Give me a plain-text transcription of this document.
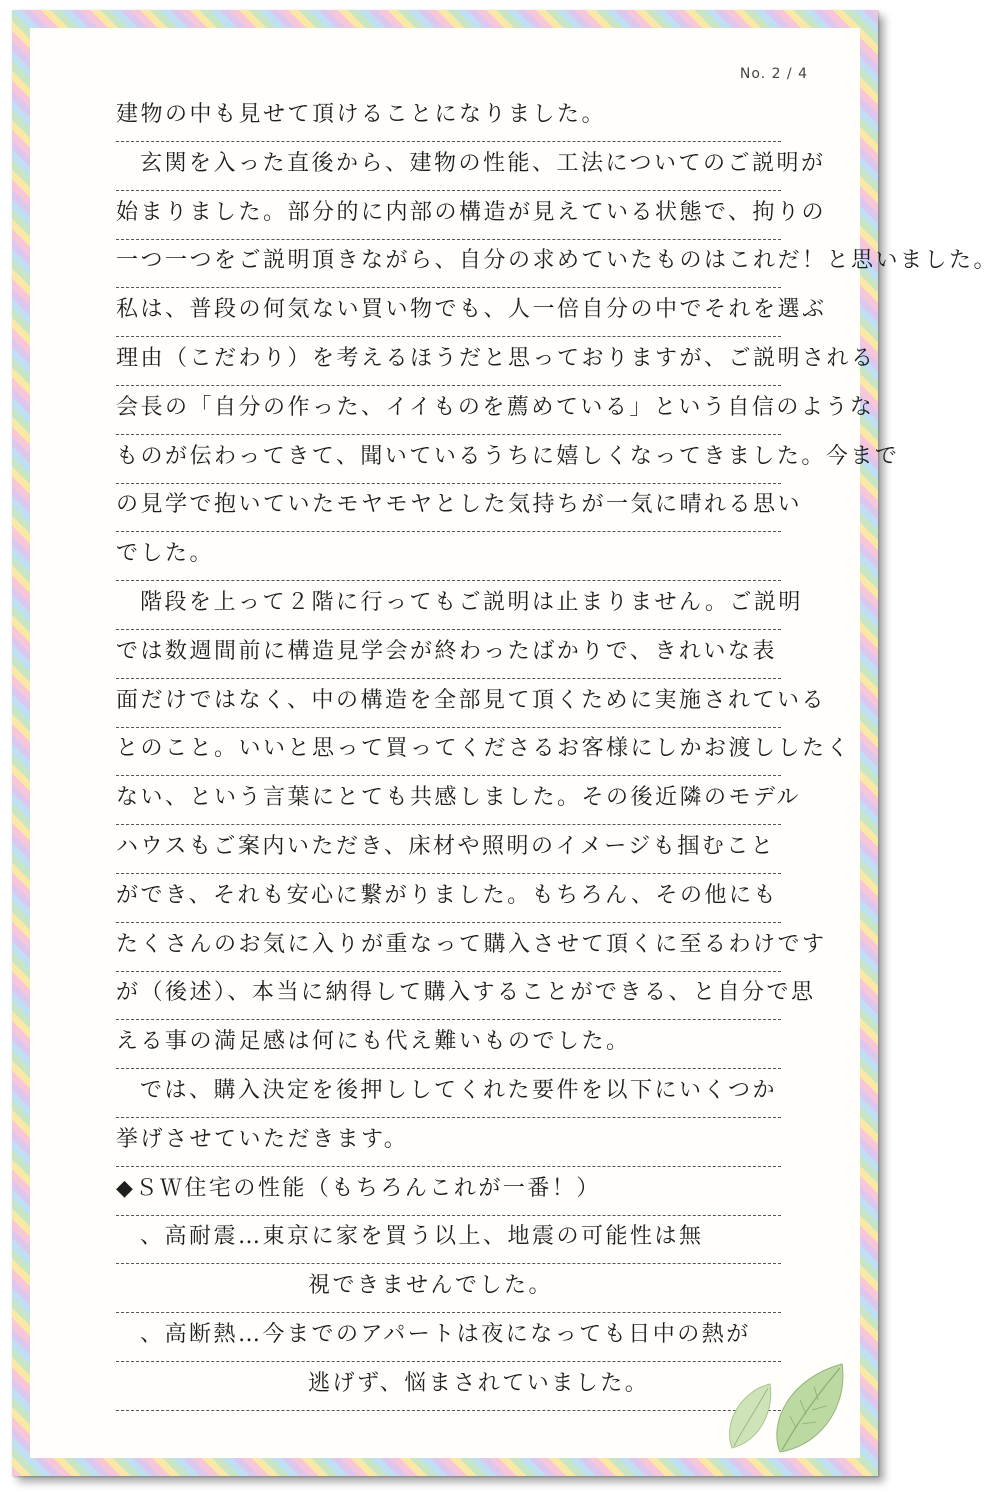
No. 2 / 4
建物の中も見せて頂けることになりました。
玄関を入った直後から、建物の性能、工法についてのご説明が
始まりました。部分的に内部の構造が見えている状態で、拘りの
一つ一つをご説明頂きながら、自分の求めていたものはこれだ！と思いました。
私は、普段の何気ない買い物でも、人一倍自分の中でそれを選ぶ
理由（こだわり）を考えるほうだと思っておりますが、ご説明される
会長の「自分の作った、イイものを薦めている」という自信のような
ものが伝わってきて、聞いているうちに嬉しくなってきました。今まで
の見学で抱いていたモヤモヤとした気持ちが一気に晴れる思い
でした。
階段を上って２階に行ってもご説明は止まりません。ご説明
では数週間前に構造見学会が終わったばかりで、きれいな表
面だけではなく、中の構造を全部見て頂くために実施されている
とのこと。いいと思って買ってくださるお客様にしかお渡ししたく
ない、という言葉にとても共感しました。その後近隣のモデル
ハウスもご案内いただき、床材や照明のイメージも掴むこと
ができ、それも安心に繋がりました。もちろん、その他にも
たくさんのお気に入りが重なって購入させて頂くに至るわけです
が（後述）、本当に納得して購入することができる、と自分で思
える事の満足感は何にも代え難いものでした。
では、購入決定を後押ししてくれた要件を以下にいくつか
挙げさせていただきます。
◆ＳＷ住宅の性能（もちろんこれが一番！）
、高耐震…東京に家を買う以上、地震の可能性は無
視できませんでした。
、高断熱…今までのアパートは夜になっても日中の熱が
逃げず、悩まされていました。
